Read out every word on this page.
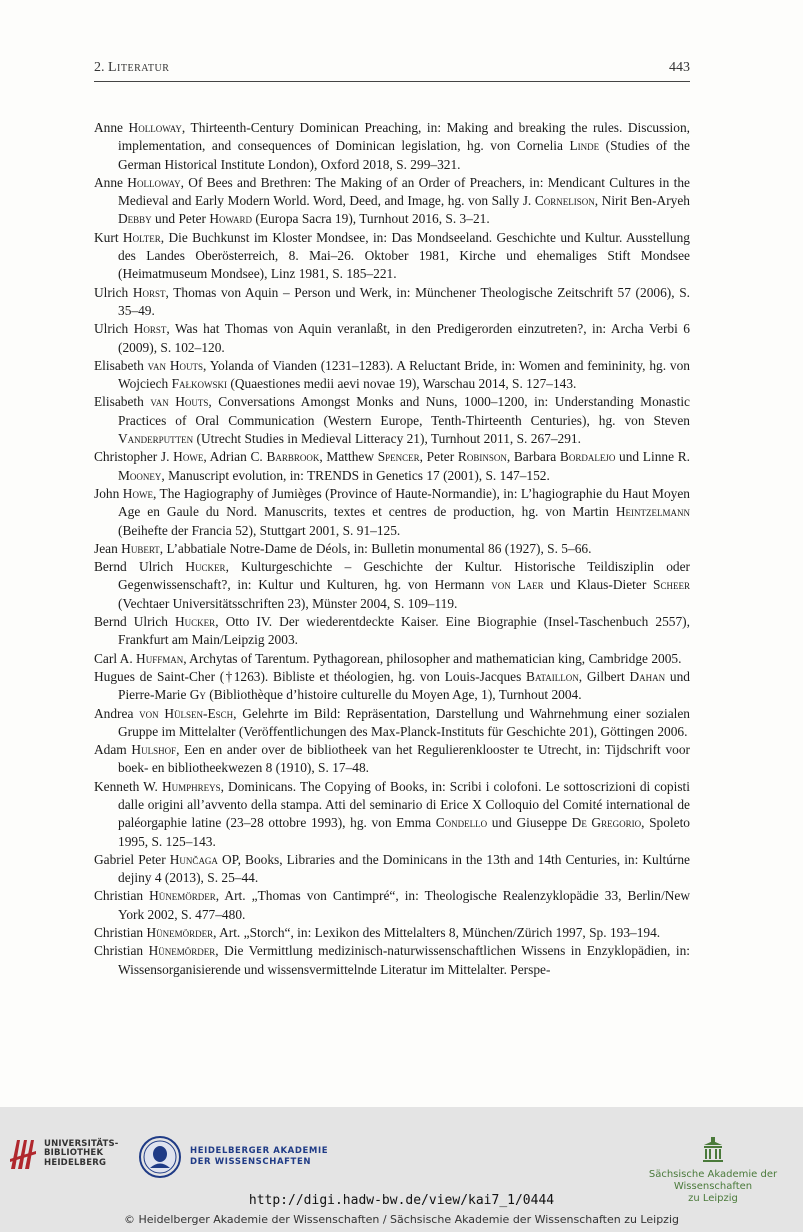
2. Literatur	443

Anne Holloway, Thirteenth-Century Dominican Preaching, in: Making and breaking the rules. Discussion, implementation, and consequences of Dominican legislation, hg. von Cornelia Linde (Studies of the German Historical Institute London), Oxford 2018, S. 299–321.

Anne Holloway, Of Bees and Brethren: The Making of an Order of Preachers, in: Mendicant Cultures in the Medieval and Early Modern World. Word, Deed, and Image, hg. von Sally J. Cornelison, Nirit Ben-Aryeh Debby und Peter Howard (Europa Sacra 19), Turnhout 2016, S. 3–21.

Kurt Holter, Die Buchkunst im Kloster Mondsee, in: Das Mondseeland. Geschichte und Kultur. Ausstellung des Landes Oberösterreich, 8. Mai–26. Oktober 1981, Kirche und ehemaliges Stift Mondsee (Heimatmuseum Mondsee), Linz 1981, S. 185–221.

Ulrich Horst, Thomas von Aquin – Person und Werk, in: Münchener Theologische Zeitschrift 57 (2006), S. 35–49.

Ulrich Horst, Was hat Thomas von Aquin veranlaßt, in den Predigerorden einzutreten?, in: Archa Verbi 6 (2009), S. 102–120.

Elisabeth van Houts, Yolanda of Vianden (1231–1283). A Reluctant Bride, in: Women and femininity, hg. von Wojciech Fałkowski (Quaestiones medii aevi novae 19), Warschau 2014, S. 127–143.

Elisabeth van Houts, Conversations Amongst Monks and Nuns, 1000–1200, in: Understanding Monastic Practices of Oral Communication (Western Europe, Tenth-Thirteenth Centuries), hg. von Steven Vanderputten (Utrecht Studies in Medieval Litteracy 21), Turnhout 2011, S. 267–291.

Christopher J. Howe, Adrian C. Barbrook, Matthew Spencer, Peter Robinson, Barbara Bordalejo und Linne R. Mooney, Manuscript evolution, in: TRENDS in Genetics 17 (2001), S. 147–152.

John Howe, The Hagiography of Jumièges (Province of Haute-Normandie), in: L’hagiographie du Haut Moyen Age en Gaule du Nord. Manuscrits, textes et centres de production, hg. von Martin Heintzelmann (Beihefte der Francia 52), Stuttgart 2001, S. 91–125.

Jean Hubert, L’abbatiale Notre-Dame de Déols, in: Bulletin monumental 86 (1927), S. 5–66.

Bernd Ulrich Hucker, Kulturgeschichte – Geschichte der Kultur. Historische Teildisziplin oder Gegenwissenschaft?, in: Kultur und Kulturen, hg. von Hermann von Laer und Klaus-Dieter Scheer (Vechtaer Universitätsschriften 23), Münster 2004, S. 109–119.

Bernd Ulrich Hucker, Otto IV. Der wiederentdeckte Kaiser. Eine Biographie (Insel-Taschenbuch 2557), Frankfurt am Main/Leipzig 2003.

Carl A. Huffman, Archytas of Tarentum. Pythagorean, philosopher and mathematician king, Cambridge 2005.

Hugues de Saint-Cher (†1263). Bibliste et théologien, hg. von Louis-Jacques Bataillon, Gilbert Dahan und Pierre-Marie Gy (Bibliothèque d’histoire culturelle du Moyen Age, 1), Turnhout 2004.

Andrea von Hülsen-Esch, Gelehrte im Bild: Repräsentation, Darstellung und Wahrnehmung einer sozialen Gruppe im Mittelalter (Veröffentlichungen des Max-Planck-Instituts für Geschichte 201), Göttingen 2006.

Adam Hulshof, Een en ander over de bibliotheek van het Regulierenklooster te Utrecht, in: Tijdschrift voor boek- en bibliotheekwezen 8 (1910), S. 17–48.

Kenneth W. Humphreys, Dominicans. The Copying of Books, in: Scribi i colofoni. Le sottoscrizioni di copisti dalle origini all’avvento della stampa. Atti del seminario di Erice X Colloquio del Comité international de paléorgaphie latine (23–28 ottobre 1993), hg. von Emma Condello und Giuseppe De Gregorio, Spoleto 1995, S. 125–143.

Gabriel Peter Hunčaga OP, Books, Libraries and the Dominicans in the 13th and 14th Centuries, in: Kultúrne dejiny 4 (2013), S. 25–44.

Christian Hünemörder, Art. „Thomas von Cantimpré“, in: Theologische Realenzyklopädie 33, Berlin/New York 2002, S. 477–480.

Christian Hünemörder, Art. „Storch“, in: Lexikon des Mittelalters 8, München/Zürich 1997, Sp. 193–194.

Christian Hünemörder, Die Vermittlung medizinisch-naturwissenschaftlichen Wissens in Enzyklopädien, in: Wissensorganisierende und wissensvermittelnde Literatur im Mittelalter. Perspe-

UNIVERSITÄTS-
BIBLIOTHEK
HEIDELBERG
HEIDELBERGER AKADEMIE
DER WISSENSCHAFTEN
Sächsische Akademie der Wissenschaften
zu Leipzig
http://digi.hadw-bw.de/view/kai7_1/0444
© Heidelberger Akademie der Wissenschaften / Sächsische Akademie der Wissenschaften zu Leipzig
